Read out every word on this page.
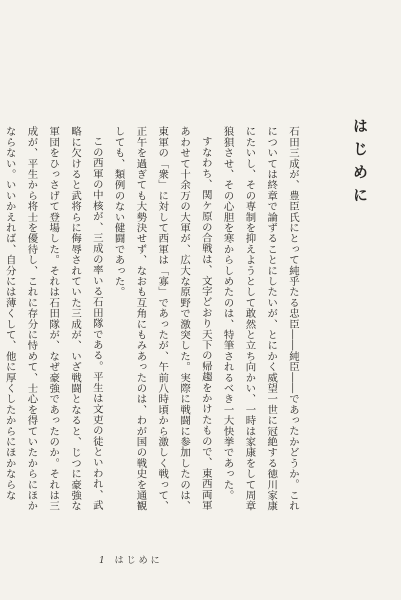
はじめに

石田三成が、豊臣氏にとって純乎たる忠臣――純臣――であったかどうか。これについては終章で論ずることにしたいが、とにかく威望一世に冠絶する徳川家康にたいし、その専制を抑えようとして敢然と立ち向かい、一時は家康をして周章狼狽させ、その心胆を寒からしめたのは、特筆されるべき一大快挙であった。

すなわち、関ケ原の合戦は、文字どおり天下の帰趨をかけたもので、東西両軍あわせて十余万の大軍が、広大な原野で激突した。実際に戦闘に参加したのは、東軍の「衆」に対して西軍は「寡」であったが、午前八時頃から激しく戦って、正午を過ぎても大勢決せず、なおも互角にもみあったのは、わが国の戦史を通観しても、類例のない健闘であった。

この西軍の中核が、三成の率いる石田隊である。平生は文吏の徒といわれ、武略に欠けると武将らに侮辱されていた三成が、いざ戦闘となると、じつに豪強な軍団をひっさげて登場した。それは石田隊が、なぜ豪強であったのか。それは三成が、平生から将士を優待し、これに存分に恃めて、士心を得ていたからにほかならない。いいかえれば、自分には薄くして、他に厚くしたからにほかならな

1 はじめに
